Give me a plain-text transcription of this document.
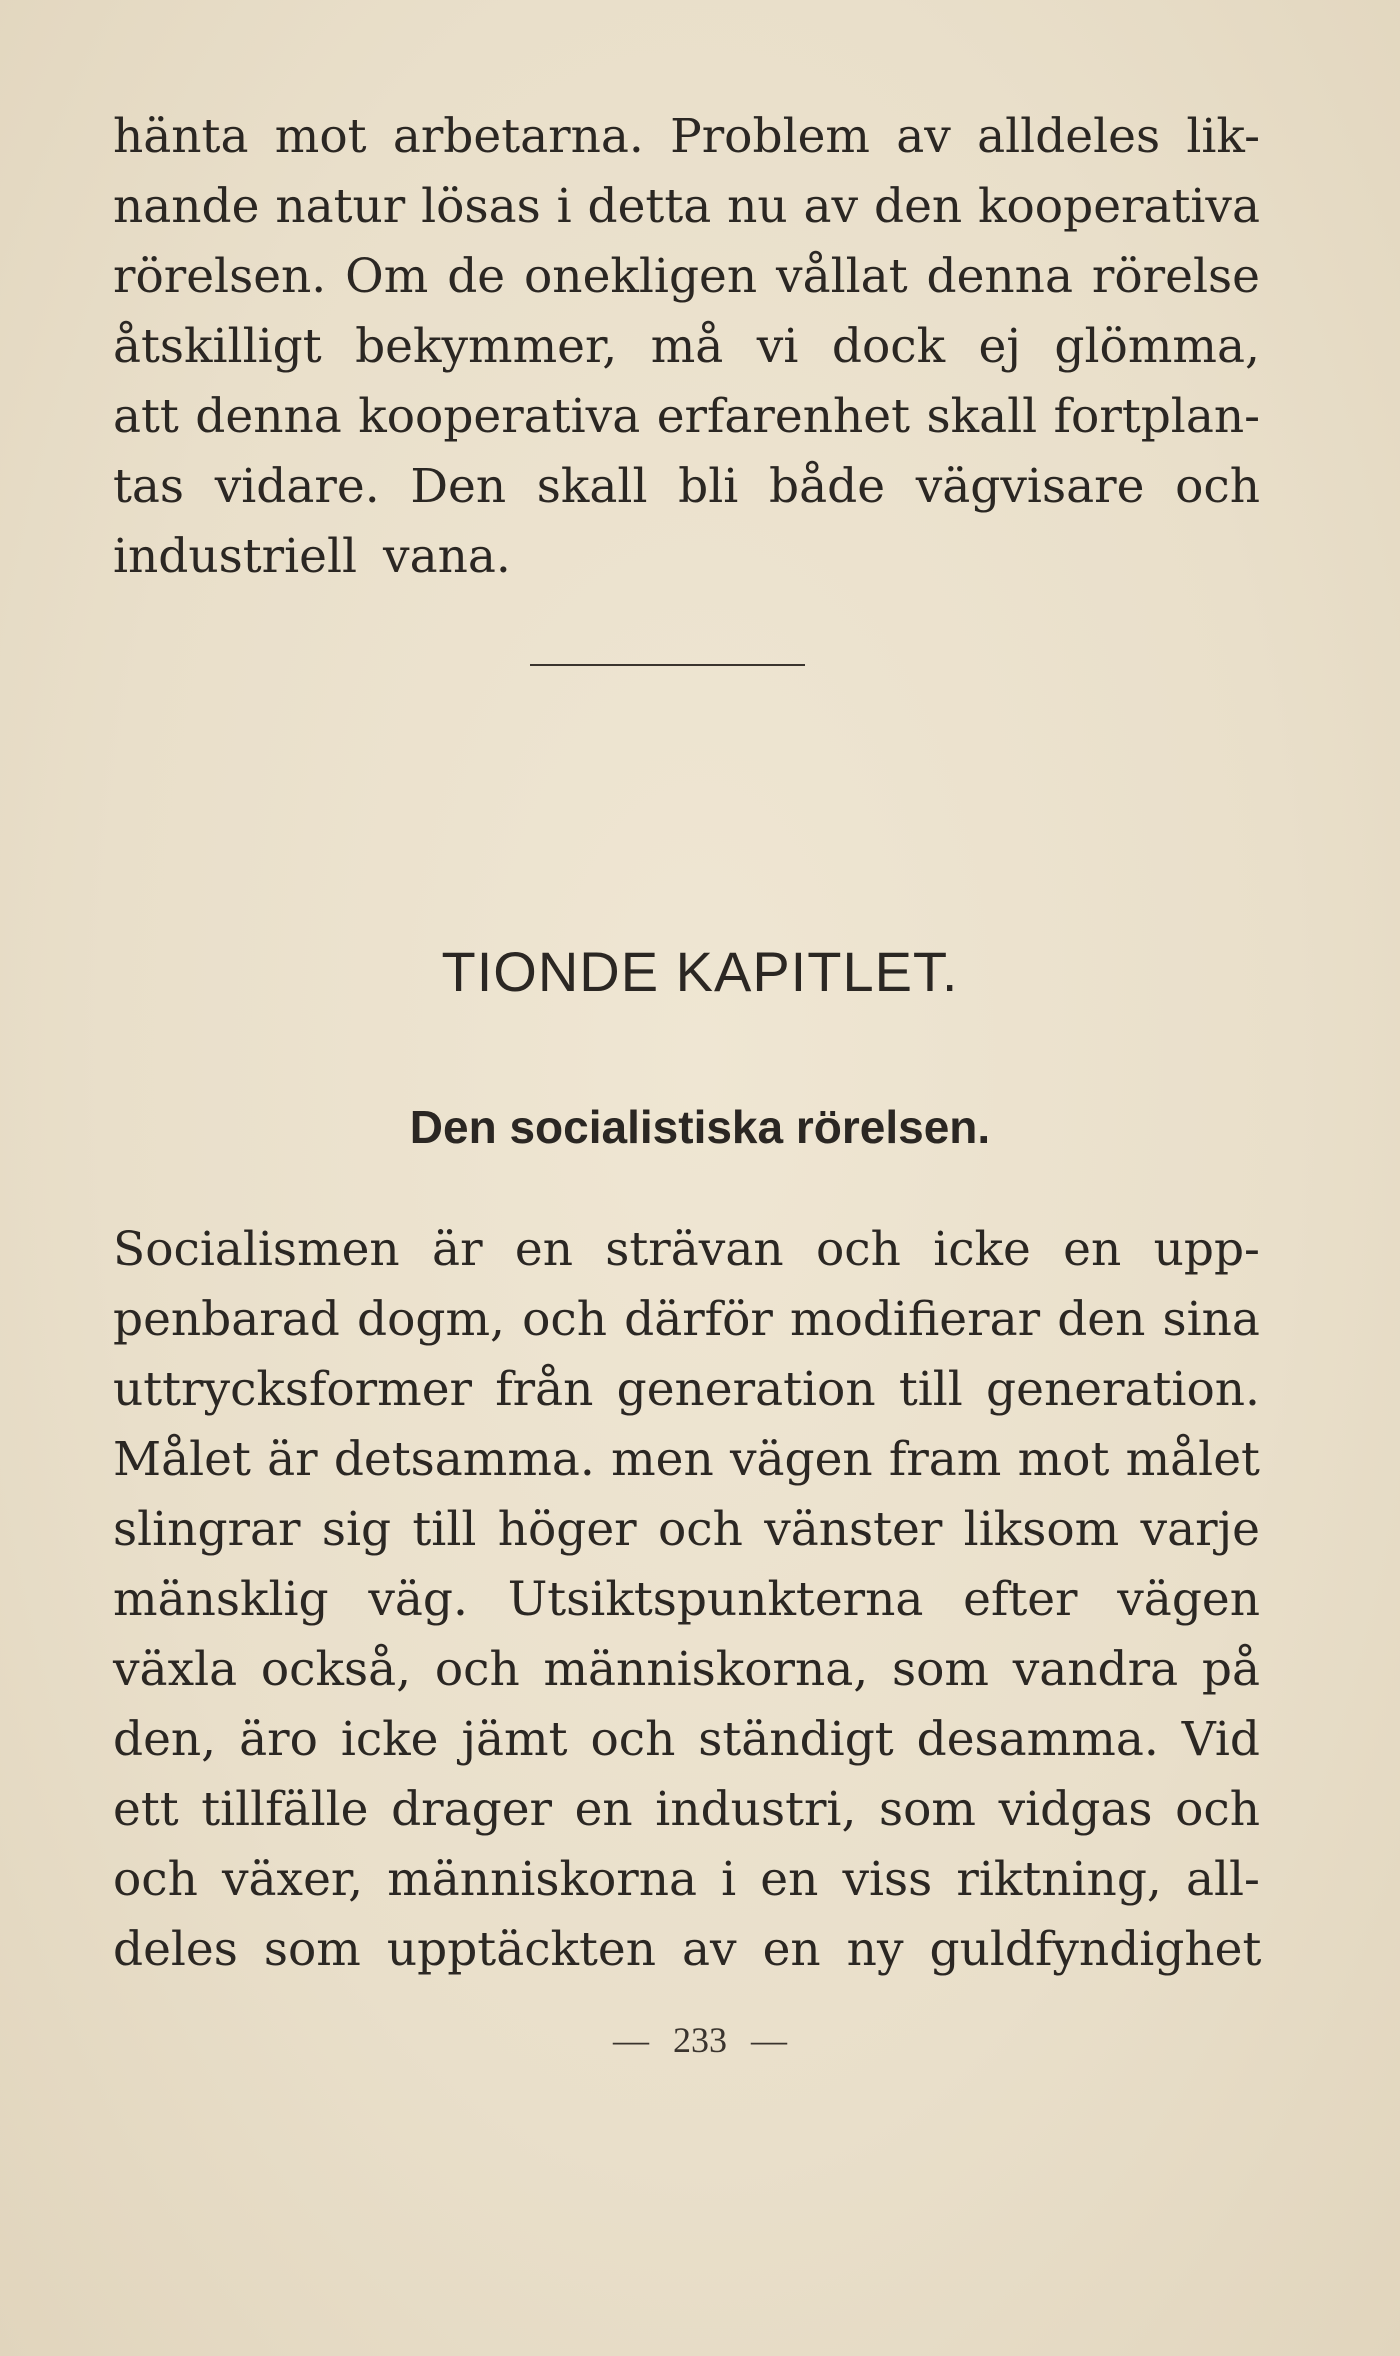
hänta mot arbetarna. Problem av alldeles lik-
nande natur lösas i detta nu av den kooperativa
rörelsen. Om de onekligen vållat denna rörelse
åtskilligt bekymmer, må vi dock ej glömma,
att denna kooperativa erfarenhet skall fortplan-
tas vidare. Den skall bli både vägvisare och
industriell vana.
TIONDE KAPITLET.
Den socialistiska rörelsen.
Socialismen är en strävan och icke en upp-
penbarad dogm, och därför modifierar den sina
uttrycksformer från generation till generation.
Målet är detsamma. men vägen fram mot målet
slingrar sig till höger och vänster liksom varje
mänsklig väg. Utsiktspunkterna efter vägen
växla också, och människorna, som vandra på
den, äro icke jämt och ständigt desamma. Vid
ett tillfälle drager en industri, som vidgas och
och växer, människorna i en viss riktning, all-
deles som upptäckten av en ny guldfyndighet
— 233 —
